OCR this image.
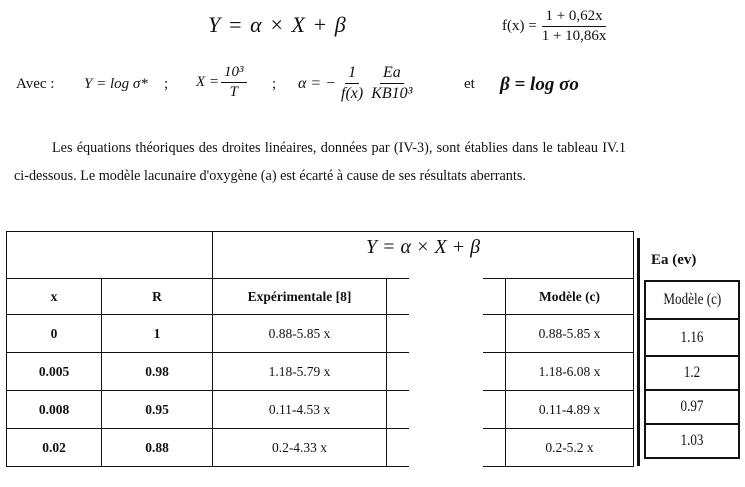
Y = α × X + β	$f(x) = \frac{1 + 0,62x}{1 + 10,86x}$
Avec : Y = log σ* ; $X = \frac{\text{10³}}{T}$ ; α = − $\frac{1}{f(x)} \frac{Ea}{\text{KB10³}}$	et β = log σo
Les équations théoriques des droites linéaires, données par (IV-3), sont établies dans le tableau IV.1 ci-dessous. Le modèle lacunaire d'oxygène (a) est écarté à cause de ses résultats aberrants.
		Y = α × X + β		
x	R	Expérimentale [8]		Modèle (c)
0	1	0.88-5.85 x		0.88-5.85 x
0.005	0.98	1.18-5.79 x		1.18-6.08 x
0.008	0.95	0.11-4.53 x		0.11-4.89 x
0.02	0.88	0.2-4.33 x		0.2-5.2 x
Ea (ev)
Modèle (c)
1.16
1.2
0.97
1.03
